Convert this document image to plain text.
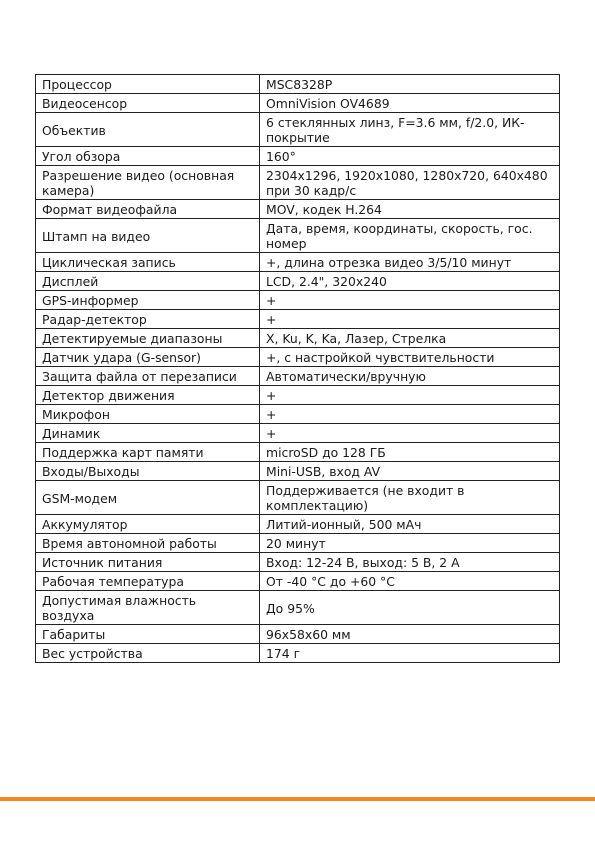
Процессор	MSC8328P
Видеосенсор	OmniVision OV4689
Объектив	6 стеклянных линз, F=3.6 мм, f/2.0, ИК-покрытие
Угол обзора	160°
Разрешение видео (основная камера)	2304x1296, 1920x1080, 1280x720, 640x480 при 30 кадр/с
Формат видеофайла	MOV, кодек H.264
Штамп на видео	Дата, время, координаты, скорость, гос. номер
Циклическая запись	+, длина отрезка видео 3/5/10 минут
Дисплей	LCD, 2.4", 320x240
GPS-информер	+
Радар-детектор	+
Детектируемые диапазоны	X, Ku, K, Ka, Лазер, Стрелка
Датчик удара (G-sensor)	+, с настройкой чувствительности
Защита файла от перезаписи	Автоматически/вручную
Детектор движения	+
Микрофон	+
Динамик	+
Поддержка карт памяти	microSD до 128 ГБ
Входы/Выходы	Mini-USB, вход AV
GSM-модем	Поддерживается (не входит в комплектацию)
Аккумулятор	Литий-ионный, 500 мАч
Время автономной работы	20 минут
Источник питания	Вход: 12-24 В, выход: 5 В, 2 А
Рабочая температура	От -40 °С до +60 °С
Допустимая влажность воздуха	До 95%
Габариты	96x58x60 мм
Вес устройства	174 г
